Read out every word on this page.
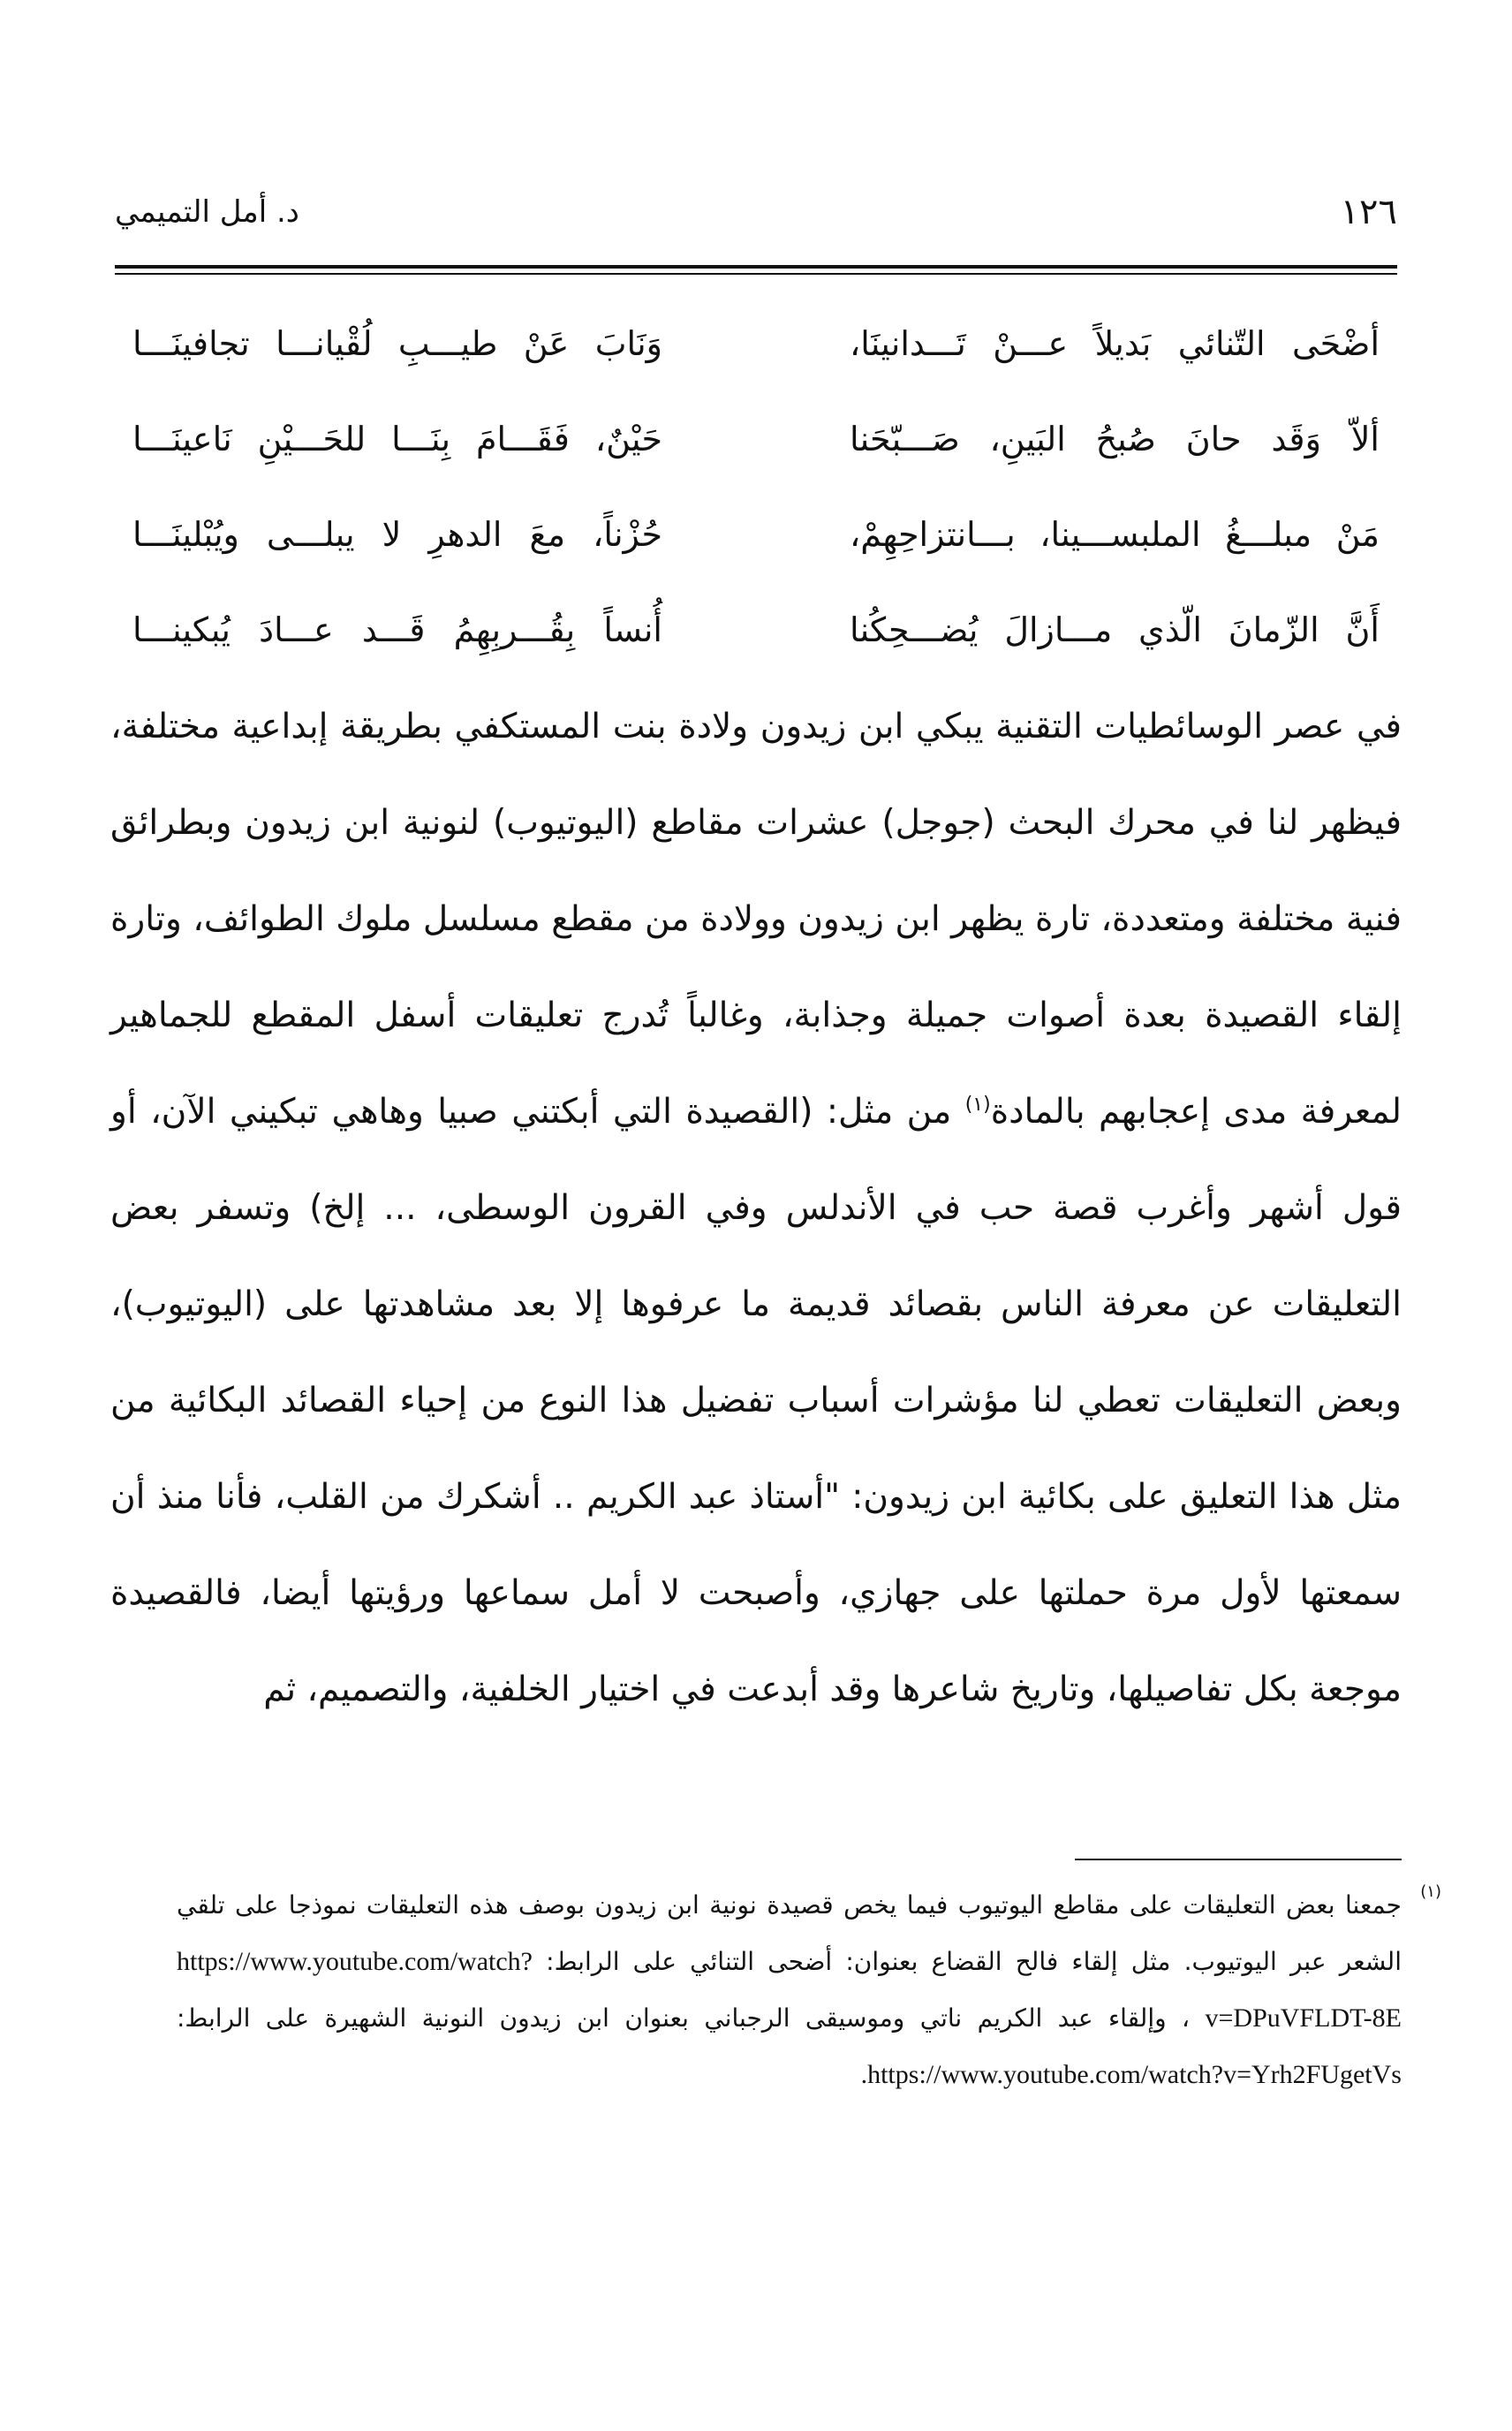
١٢٦
د. أمل التميمي
أضْحَى التّنائي بَديلاً عـــنْ تَـــدانينَا،
وَنَابَ عَنْ طيـــبِ لُقْيانـــا تجافينَـــا
ألاّ وَقَد حانَ صُبحُ البَينِ، صَـــبّحَنا
حَيْنٌ، فَقَـــامَ بِنَـــا للحَـــيْنِ نَاعينَـــا
مَنْ مبلـــغُ الملبســـينا، بـــانتزاحِهِمْ،
حُزْناً، معَ الدهرِ لا يبلـــى ويُبْلينَـــا
أَنَّ الزّمانَ الّذي مـــازالَ يُضـــحِكُنا
أُنساً بِقُـــربِهِمُ قَـــد عـــادَ يُبكينـــا
في عصر الوسائطيات التقنية يبكي ابن زيدون ولادة بنت المستكفي بطريقة إبداعية مختلفة، فيظهر لنا في محرك البحث (جوجل) عشرات مقاطع (اليوتيوب) لنونية ابن زيدون وبطرائق فنية مختلفة ومتعددة، تارة يظهر ابن زيدون وولادة من مقطع مسلسل ملوك الطوائف، وتارة إلقاء القصيدة بعدة أصوات جميلة وجذابة، وغالباً تُدرج تعليقات أسفل المقطع للجماهير لمعرفة مدى إعجابهم بالمادة$^{(١)}$ من مثل: (القصيدة التي أبكتني صبيا وهاهي تبكيني الآن، أو قول أشهر وأغرب قصة حب في الأندلس وفي القرون الوسطى، ... إلخ) وتسفر بعض التعليقات عن معرفة الناس بقصائد قديمة ما عرفوها إلا بعد مشاهدتها على (اليوتيوب)، وبعض التعليقات تعطي لنا مؤشرات أسباب تفضيل هذا النوع من إحياء القصائد البكائية من مثل هذا التعليق على بكائية ابن زيدون: "أستاذ عبد الكريم .. أشكرك من القلب، فأنا منذ أن سمعتها لأول مرة حملتها على جهازي، وأصبحت لا أمل سماعها ورؤيتها أيضا، فالقصيدة موجعة بكل تفاصيلها، وتاريخ شاعرها وقد أبدعت في اختيار الخلفية، والتصميم، ثم
(١)
جمعنا بعض التعليقات على مقاطع اليوتيوب فيما يخص قصيدة نونية ابن زيدون بوصف هذه التعليقات نموذجا على تلقي الشعر عبر اليوتيوب. مثل إلقاء فالح القضاع بعنوان: أضحى التنائي على الرابط: https://www.youtube.com/watch?v=DPuVFLDT-8E ، وإلقاء عبد الكريم ناتي وموسيقى الرجباني بعنوان ابن زيدون النونية الشهيرة على الرابط: .https://www.youtube.com/watch?v=Yrh2FUgetVs
